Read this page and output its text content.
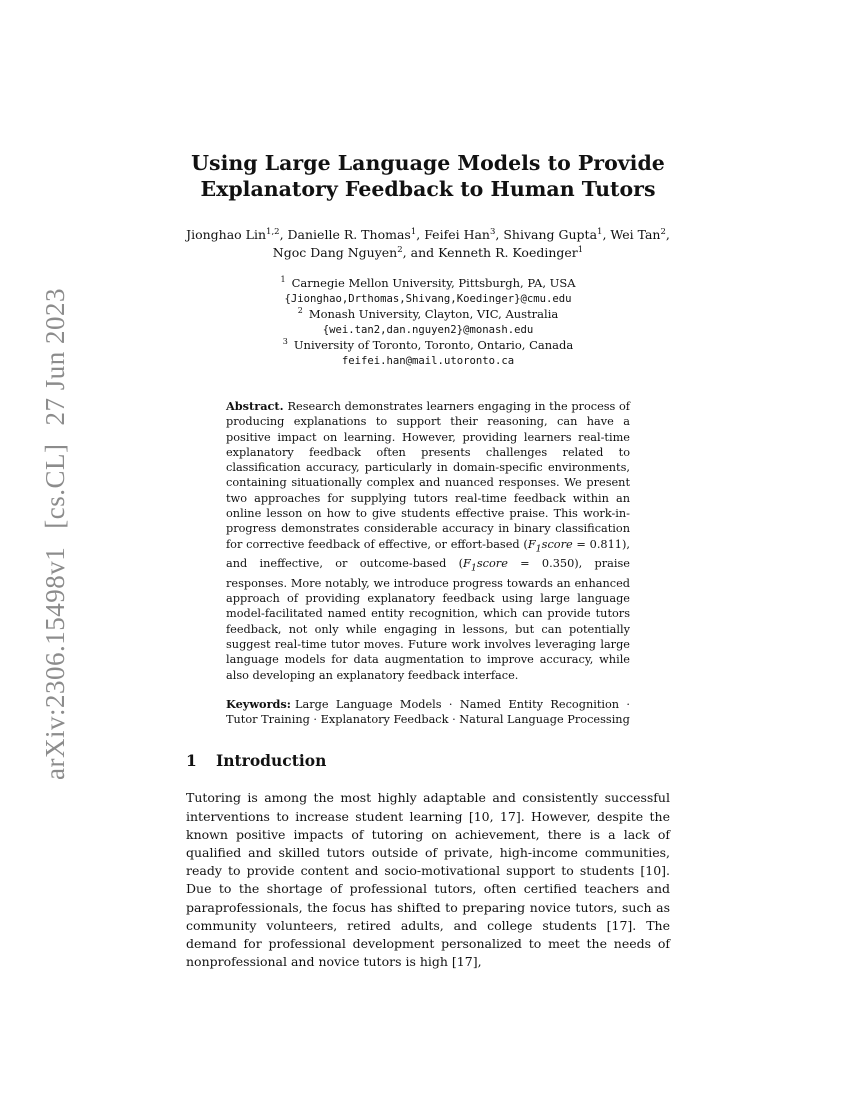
arXiv:2306.15498v1[cs.CL]27 Jun 2023
Using Large Language Models to Provide
Explanatory Feedback to Human Tutors
Jionghao Lin$^{1,2}$, Danielle R. Thomas$^1$, Feifei Han$^3$, Shivang Gupta$^1$, Wei Tan$^2$,
Ngoc Dang Nguyen$^2$, and Kenneth R. Koedinger$^1$
$^1$ Carnegie Mellon University, Pittsburgh, PA, USA
{Jionghao,Drthomas,Shivang,Koedinger}@cmu.edu
$^2$ Monash University, Clayton, VIC, Australia
{wei.tan2,dan.nguyen2}@monash.edu
$^3$ University of Toronto, Toronto, Ontario, Canada
feifei.han@mail.utoronto.ca

Abstract. Research demonstrates learners engaging in the process of producing explanations to support their reasoning, can have a positive impact on learning. However, providing learners real-time explanatory feedback often presents challenges related to classification accuracy, particularly in domain-specific environments, containing situationally complex and nuanced responses. We present two approaches for supplying tutors real-time feedback within an online lesson on how to give students effective praise. This work-in-progress demonstrates considerable accuracy in binary classification for corrective feedback of effective, or effort-based $(F_1score = 0.811)$, and ineffective, or outcome-based $(F_1score = 0.350)$, praise responses. More notably, we introduce progress towards an enhanced approach of providing explanatory feedback using large language model-facilitated named entity recognition, which can provide tutors feedback, not only while engaging in lessons, but can potentially suggest real-time tutor moves. Future work involves leveraging large language models for data augmentation to improve accuracy, while also developing an explanatory feedback interface.

Keywords: Large Language Models · Named Entity Recognition · Tutor Training · Explanatory Feedback · Natural Language Processing

1 Introduction

Tutoring is among the most highly adaptable and consistently successful interventions to increase student learning [10, 17]. However, despite the known positive impacts of tutoring on achievement, there is a lack of qualified and skilled tutors outside of private, high-income communities, ready to provide content and socio-motivational support to students [10]. Due to the shortage of professional tutors, often certified teachers and paraprofessionals, the focus has shifted to preparing novice tutors, such as community volunteers, retired adults, and college students [17]. The demand for professional development personalized to meet the needs of nonprofessional and novice tutors is high [17],
